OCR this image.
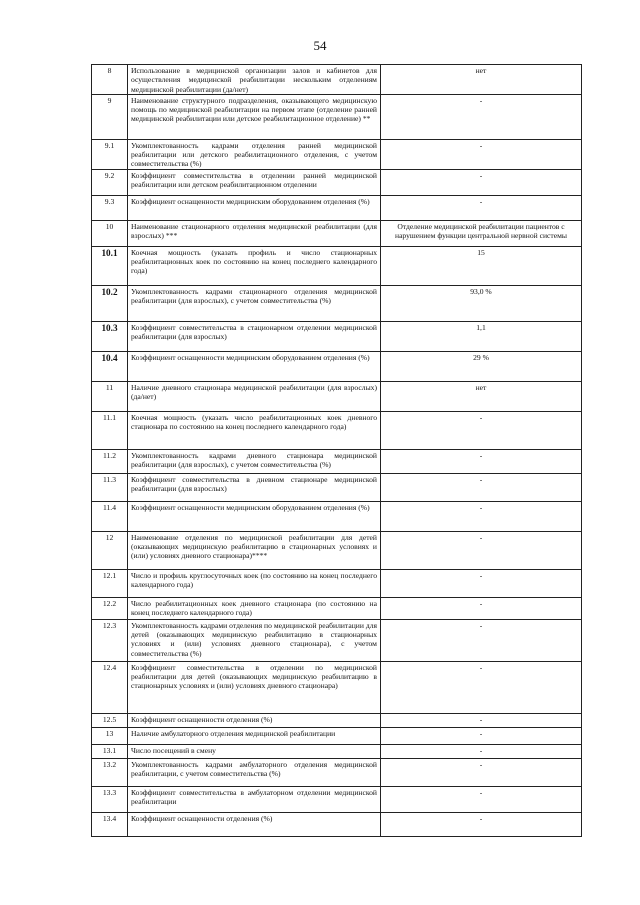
54
8	Использование в медицинской организации залов и кабинетов для осуществления медицинской реабилитации нескольким отделениям медицинской реабилитации (да/нет)	нет
9	Наименование структурного подразделения, оказывающего медицинскую помощь по медицинской реабилитации на первом этапе (отделение ранней медицинской реабилитации или детское реабилитационное отделение) **	-
9.1	Укомплектованность кадрами отделения ранней медицинской реабилитации или детского реабилитационного отделения, с учетом совместительства (%)	-
9.2	Коэффициент совместительства в отделении ранней медицинской реабилитации или детском реабилитационном отделении	-
9.3	Коэффициент оснащенности медицинским оборудованием отделения (%)	-
10	Наименование стационарного отделения медицинской реабилитации (для взрослых) ***	Отделение медицинской реабилитации пациентов с нарушением функции центральной нервной системы
10.1	Коечная мощность (указать профиль и число стационарных реабилитационных коек по состоянию на конец последнего календарного года)	15
10.2	Укомплектованность кадрами стационарного отделения медицинской реабилитации (для взрослых), с учетом совместительства (%)	93,0 %
10.3	Коэффициент совместительства в стационарном отделении медицинской реабилитации (для взрослых)	1,1
10.4	Коэффициент оснащенности медицинским оборудованием отделения (%)	29 %
11	Наличие дневного стационара медицинской реабилитации (для взрослых) (да/нет)	нет
11.1	Коечная мощность (указать число реабилитационных коек дневного стационара по состоянию на конец последнего календарного года)	-
11.2	Укомплектованность кадрами дневного стационара медицинской реабилитации (для взрослых), с учетом совместительства (%)	-
11.3	Коэффициент совместительства в дневном стационаре медицинской реабилитации (для взрослых)	-
11.4	Коэффициент оснащенности медицинским оборудованием отделения (%)	-
12	Наименование отделения по медицинской реабилитации для детей (оказывающих медицинскую реабилитацию в стационарных условиях и (или) условиях дневного стационара)****	-
12.1	Число и профиль круглосуточных коек (по состоянию на конец последнего календарного года)	-
12.2	Число реабилитационных коек дневного стационара (по состоянию на конец последнего календарного года)	-
12.3	Укомплектованность кадрами отделения по медицинской реабилитации для детей (оказывающих медицинскую реабилитацию в стационарных условиях и (или) условиях дневного стационара), с учетом совместительства (%)	-
12.4	Коэффициент совместительства в отделении по медицинской реабилитации для детей (оказывающих медицинскую реабилитацию в стационарных условиях и (или) условиях дневного стационара)	-
12.5	Коэффициент оснащенности отделения (%)	-
13	Наличие амбулаторного отделения медицинской реабилитации	-
13.1	Число посещений в смену	-
13.2	Укомплектованность кадрами амбулаторного отделения медицинской реабилитации, с учетом совместительства (%)	-
13.3	Коэффициент совместительства в амбулаторном отделении медицинской реабилитации	-
13.4	Коэффициент оснащенности отделения (%)	-
